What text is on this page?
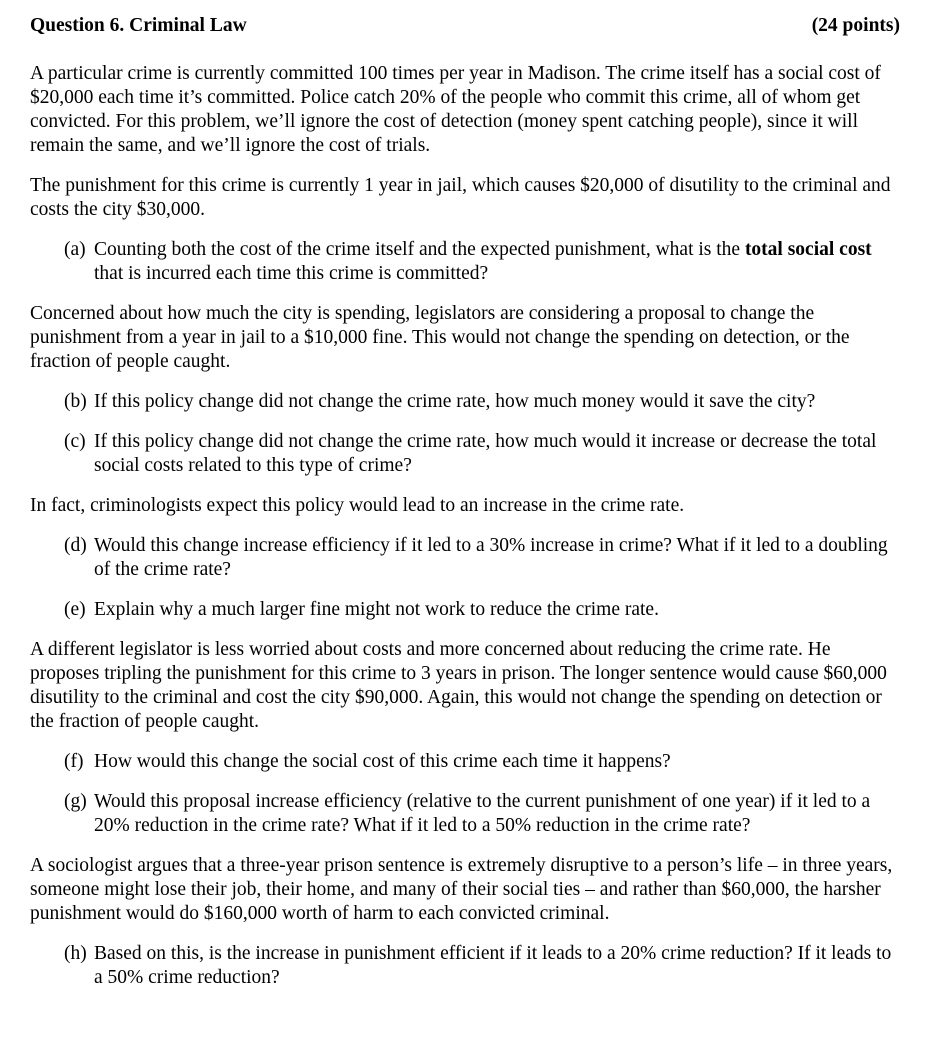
Question 6. Criminal Law	(24 points)

A particular crime is currently committed 100 times per year in Madison. The crime itself has a social cost of $20,000 each time it’s committed. Police catch 20% of the people who commit this crime, all of whom get convicted. For this problem, we’ll ignore the cost of detection (money spent catching people), since it will remain the same, and we’ll ignore the cost of trials.

The punishment for this crime is currently 1 year in jail, which causes $20,000 of disutility to the criminal and costs the city $30,000.

(a) Counting both the cost of the crime itself and the expected punishment, what is the total social cost that is incurred each time this crime is committed?

Concerned about how much the city is spending, legislators are considering a proposal to change the punishment from a year in jail to a $10,000 fine. This would not change the spending on detection, or the fraction of people caught.

(b) If this policy change did not change the crime rate, how much money would it save the city?
(c) If this policy change did not change the crime rate, how much would it increase or decrease the total social costs related to this type of crime?

In fact, criminologists expect this policy would lead to an increase in the crime rate.

(d) Would this change increase efficiency if it led to a 30% increase in crime? What if it led to a doubling of the crime rate?
(e) Explain why a much larger fine might not work to reduce the crime rate.

A different legislator is less worried about costs and more concerned about reducing the crime rate. He proposes tripling the punishment for this crime to 3 years in prison. The longer sentence would cause $60,000 disutility to the criminal and cost the city $90,000. Again, this would not change the spending on detection or the fraction of people caught.

(f) How would this change the social cost of this crime each time it happens?
(g) Would this proposal increase efficiency (relative to the current punishment of one year) if it led to a 20% reduction in the crime rate? What if it led to a 50% reduction in the crime rate?

A sociologist argues that a three-year prison sentence is extremely disruptive to a person’s life – in three years, someone might lose their job, their home, and many of their social ties – and rather than $60,000, the harsher punishment would do $160,000 worth of harm to each convicted criminal.

(h) Based on this, is the increase in punishment efficient if it leads to a 20% crime reduction? If it leads to a 50% crime reduction?
